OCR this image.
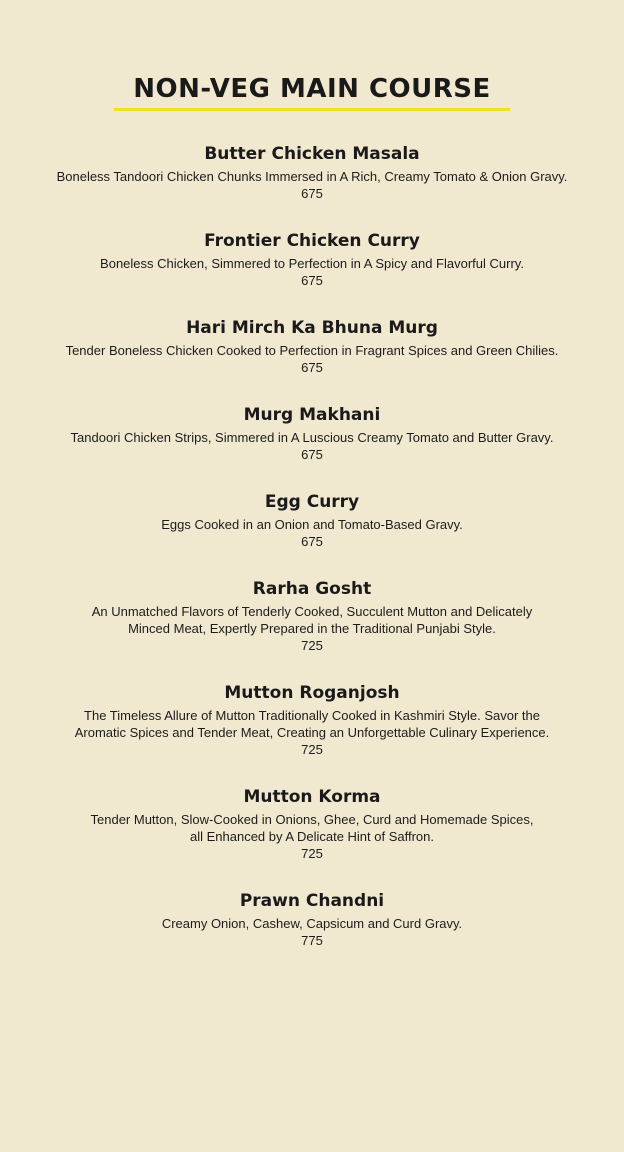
NON-VEG MAIN COURSE
Butter Chicken Masala
Boneless Tandoori Chicken Chunks Immersed in A Rich, Creamy Tomato & Onion Gravy.
675
Frontier Chicken Curry
Boneless Chicken, Simmered to Perfection in A Spicy and Flavorful Curry.
675
Hari Mirch Ka Bhuna Murg
Tender Boneless Chicken Cooked to Perfection in Fragrant Spices and Green Chilies.
675
Murg Makhani
Tandoori Chicken Strips, Simmered in A Luscious Creamy Tomato and Butter Gravy.
675
Egg Curry
Eggs Cooked in an Onion and Tomato-Based Gravy.
675
Rarha Gosht
An Unmatched Flavors of Tenderly Cooked, Succulent Mutton and Delicately
Minced Meat, Expertly Prepared in the Traditional Punjabi Style.
725
Mutton Roganjosh
The Timeless Allure of Mutton Traditionally Cooked in Kashmiri Style. Savor the
Aromatic Spices and Tender Meat, Creating an Unforgettable Culinary Experience.
725
Mutton Korma
Tender Mutton, Slow-Cooked in Onions, Ghee, Curd and Homemade Spices,
all Enhanced by A Delicate Hint of Saffron.
725
Prawn Chandni
Creamy Onion, Cashew, Capsicum and Curd Gravy.
775
